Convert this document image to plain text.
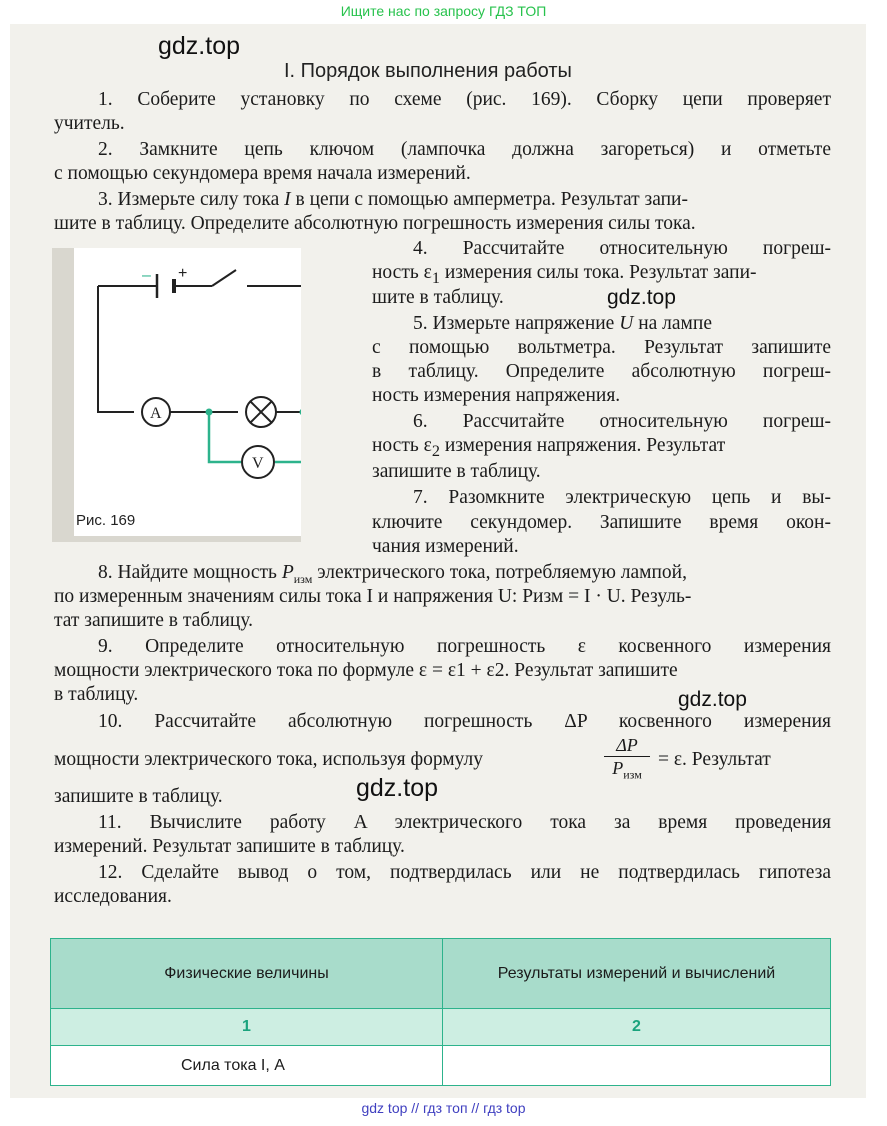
Ищите нас по запросу ГДЗ ТОП
gdz.top
gdz.top
gdz.top
gdz.top
I. Порядок выполнения работы
1. Соберите установку по схеме (рис. 169). Сборку цепи проверяет
учитель.
2. Замкните цепь ключом (лампочка должна загореться) и отметьте
с помощью секундомера время начала измерений.
3. Измерьте силу тока I в цепи с помощью амперметра. Результат запи-
шите в таблицу. Определите абсолютную погрешность измерения силы тока.
4. Рассчитайте относительную погреш-
ность $\varepsilon_1$ измерения силы тока. Результат запи-
шите в таблицу.
5. Измерьте напряжение U на лампе
с помощью вольтметра. Результат запишите
в таблицу. Определите абсолютную погреш-
ность измерения напряжения.
6. Рассчитайте относительную погреш-
ность $\varepsilon_2$ измерения напряжения. Результат
запишите в таблицу.
7. Разомкните электрическую цепь и вы-
ключите секундомер. Запишите время окон-
чания измерений.
8. Найдите мощность $P_{изм}$ электрического тока, потребляемую лампой,
по измеренным значениям силы тока I и напряжения U: Pизм = I · U. Резуль-
тат запишите в таблицу.
9. Определите относительную погрешность ε косвенного измерения
мощности электрического тока по формуле ε = ε1 + ε2. Результат запишите
в таблицу.
10. Рассчитайте абсолютную погрешность ΔP косвенного измерения
мощности электрического тока, используя формулу
ΔP
$P_{изм}$
= ε. Результат
запишите в таблицу.
11. Вычислите работу A электрического тока за время проведения
измерений. Результат запишите в таблицу.
12. Сделайте вывод о том, подтвердилась или не подтвердилась гипотеза
исследования.
+
–
A
V
Рис. 169
Физические величины	Результаты измерений и вычислений
1	2
Сила тока I, А	
gdz top // гдз топ // гдз top
